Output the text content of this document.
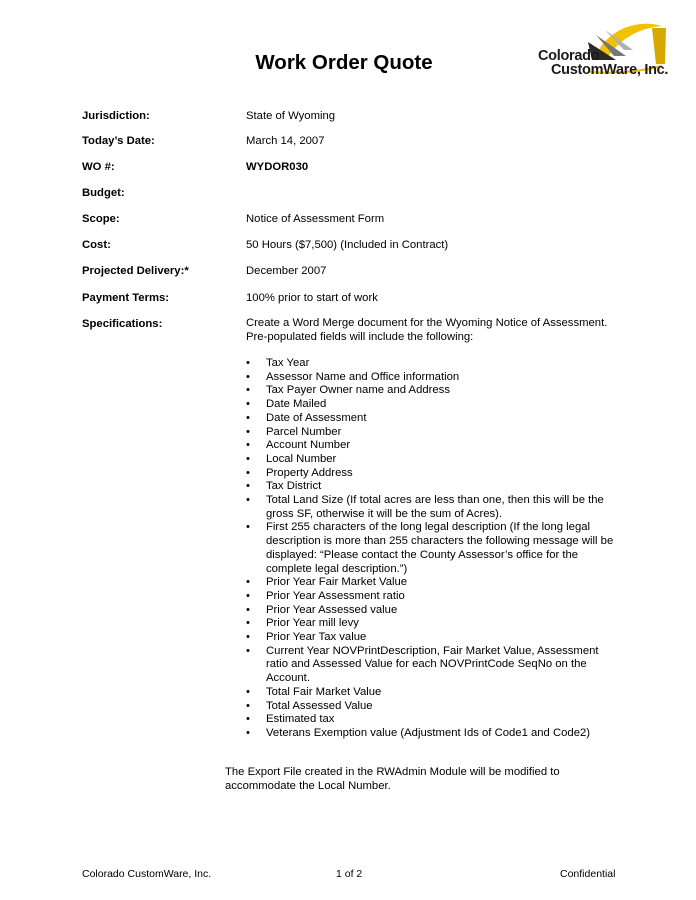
Work Order Quote	Colorado
CustomWare, Inc.
Jurisdiction:	State of Wyoming
Today’s Date:	March 14, 2007
WO #:	WYDOR030
Budget:
Scope:	Notice of Assessment Form
Cost:	50 Hours ($7,500) (Included in Contract)
Projected Delivery:*	December 2007
Payment Terms:	100% prior to start of work
Specifications:	Create a Word Merge document for the Wyoming Notice of Assessment. Pre-populated fields will include the following:
• Tax Year
• Assessor Name and Office information
• Tax Payer Owner name and Address
• Date Mailed
• Date of Assessment
• Parcel Number
• Account Number
• Local Number
• Property Address
• Tax District
• Total Land Size (If total acres are less than one, then this will be the gross SF, otherwise it will be the sum of Acres).
• First 255 characters of the long legal description (If the long legal description is more than 255 characters the following message will be displayed: “Please contact the County Assessor’s office for the complete legal description.”)
• Prior Year Fair Market Value
• Prior Year Assessment ratio
• Prior Year Assessed value
• Prior Year mill levy
• Prior Year Tax value
• Current Year NOVPrintDescription, Fair Market Value, Assessment ratio and Assessed Value for each NOVPrintCode SeqNo on the Account.
• Total Fair Market Value
• Total Assessed Value
• Estimated tax
• Veterans Exemption value (Adjustment Ids of Code1 and Code2)
The Export File created in the RWAdmin Module will be modified to accommodate the Local Number.
Colorado CustomWare, Inc.	1 of 2	Confidential
